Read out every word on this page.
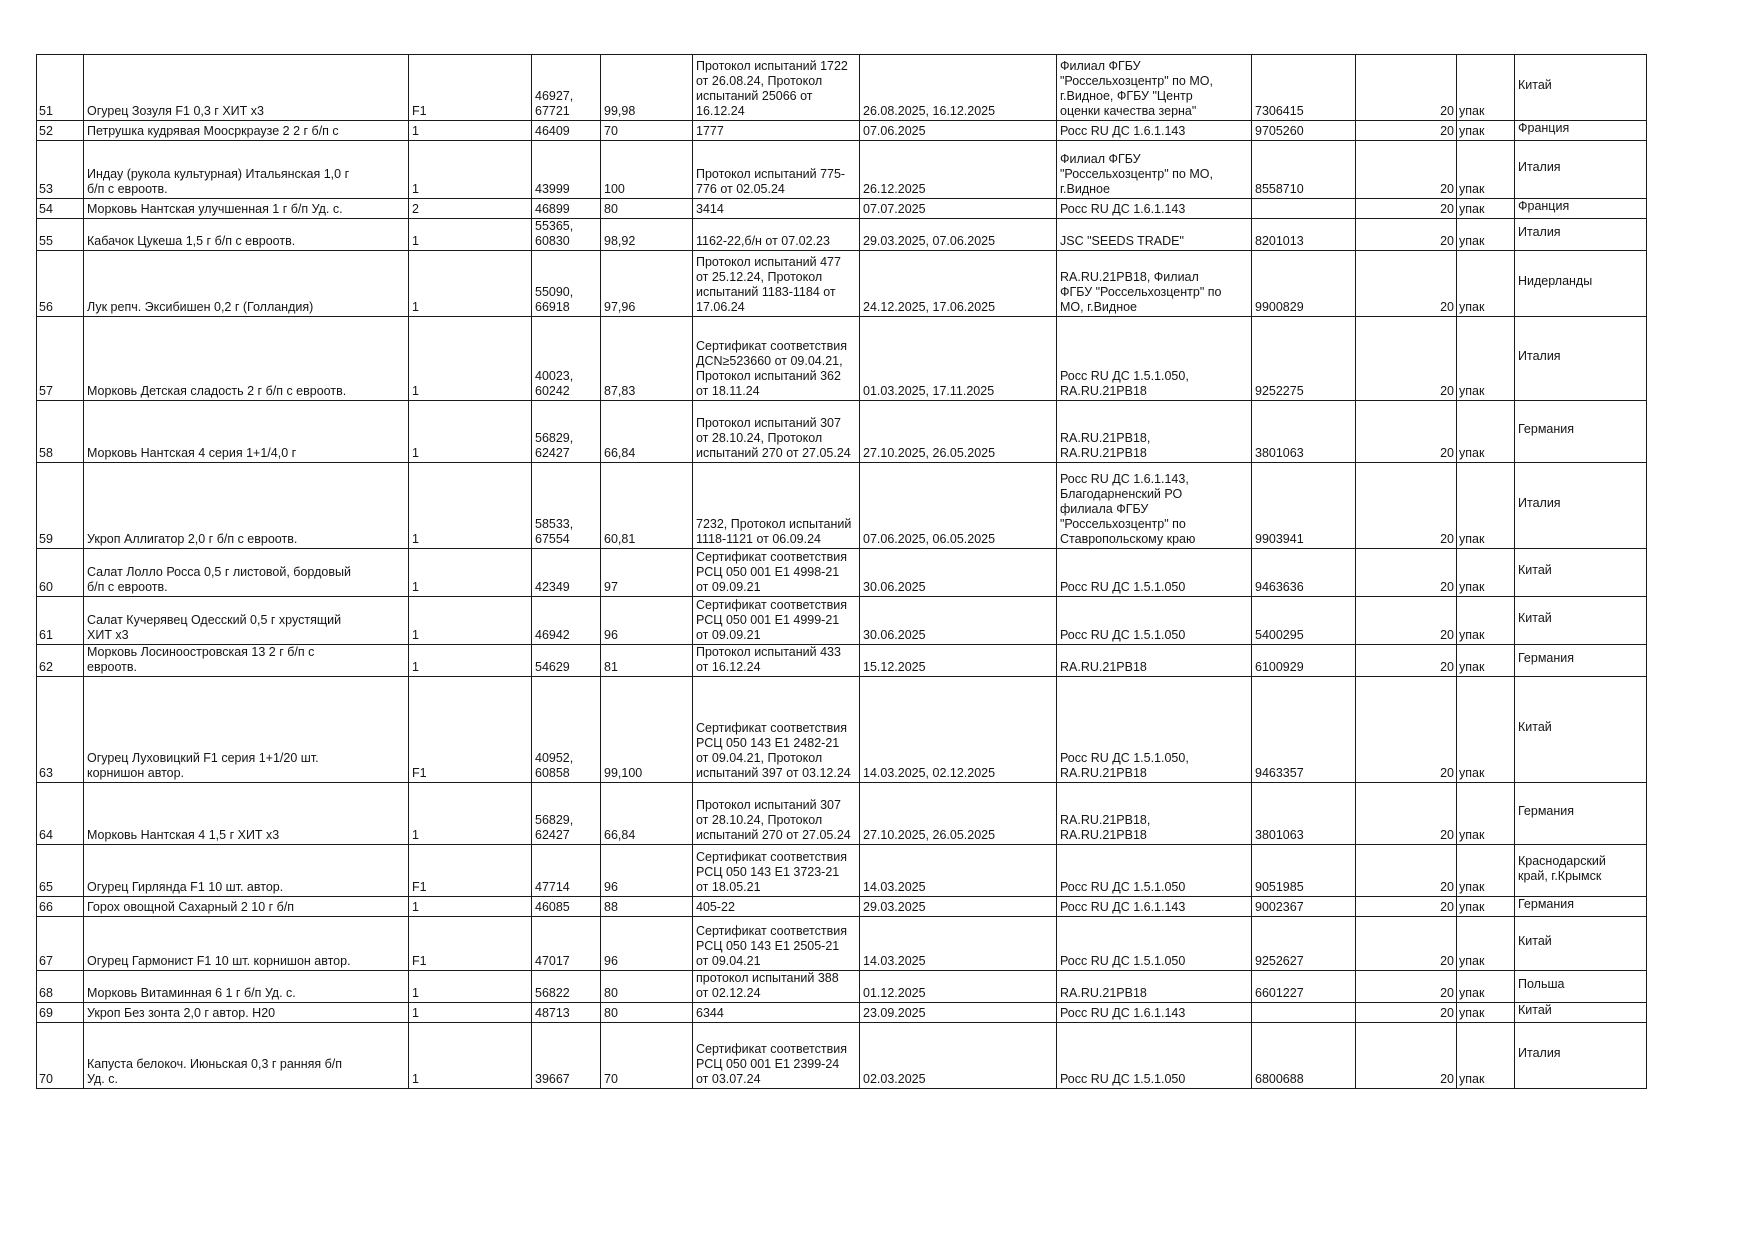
51	Огурец Зозуля F1 0,3 г ХИТ х3	F1	46927,
67721	99,98	Протокол испытаний 1722
от 26.08.24, Протокол
испытаний 25066 от
16.12.24	26.08.2025, 16.12.2025	Филиал ФГБУ
"Россельхозцентр" по МО,
г.Видное, ФГБУ "Центр
оценки качества зерна"	7306415	20	упак	Китай
52	Петрушка кудрявая Моосркраузе 2 2 г б/п с	1	46409	70	1777	07.06.2025	Росс RU ДС 1.6.1.143	9705260	20	упак	Франция
53	Индау (рукола культурная) Итальянская 1,0 г
б/п с евроотв.	1	43999	100	Протокол испытаний 775-
776 от 02.05.24	26.12.2025	Филиал ФГБУ
"Россельхозцентр" по МО,
г.Видное	8558710	20	упак	Италия
54	Морковь Нантская улучшенная 1 г б/п Уд. с.	2	46899	80	3414	07.07.2025	Росс RU ДС 1.6.1.143		20	упак	Франция
55	Кабачок Цукеша 1,5 г б/п с евроотв.	1	55365,
60830	98,92	1162-22,б/н от 07.02.23	29.03.2025, 07.06.2025	JSC "SEEDS TRADE"	8201013	20	упак	Италия
56	Лук репч. Эксибишен 0,2 г (Голландия)	1	55090,
66918	97,96	Протокол испытаний 477
от 25.12.24, Протокол
испытаний 1183-1184 от
17.06.24	24.12.2025, 17.06.2025	RA.RU.21РВ18, Филиал
ФГБУ "Россельхозцентр" по
МО, г.Видное	9900829	20	упак	Нидерланды
57	Морковь Детская сладость 2 г б/п с евроотв.	1	40023,
60242	87,83	Сертификат соответствия
ДСN≥523660 от 09.04.21,
Протокол испытаний 362
от 18.11.24	01.03.2025, 17.11.2025	Росс RU ДС 1.5.1.050,
RA.RU.21РВ18	9252275	20	упак	Италия
58	Морковь Нантская 4 серия 1+1/4,0 г	1	56829,
62427	66,84	Протокол испытаний 307
от 28.10.24, Протокол
испытаний 270 от 27.05.24	27.10.2025, 26.05.2025	RA.RU.21РВ18,
RA.RU.21РВ18	3801063	20	упак	Германия
59	Укроп Аллигатор 2,0 г б/п с евроотв.	1	58533,
67554	60,81	7232, Протокол испытаний
1118-1121 от 06.09.24	07.06.2025, 06.05.2025	Росс RU ДС 1.6.1.143,
Благодарненский РО
филиала ФГБУ
"Россельхозцентр" по
Ставропольскому краю	9903941	20	упак	Италия
60	Салат Лолло Росса 0,5 г листовой, бордовый
б/п с евроотв.	1	42349	97	Сертификат соответствия
РСЦ 050 001 Е1 4998-21
от 09.09.21	30.06.2025	Росс RU ДС 1.5.1.050	9463636	20	упак	Китай
61	Салат Кучерявец Одесский 0,5 г хрустящий
ХИТ х3	1	46942	96	Сертификат соответствия
РСЦ 050 001 Е1 4999-21
от 09.09.21	30.06.2025	Росс RU ДС 1.5.1.050	5400295	20	упак	Китай
62	Морковь Лосиноостровская 13 2 г б/п с
евроотв.	1	54629	81	Протокол испытаний 433
от 16.12.24	15.12.2025	RA.RU.21РВ18	6100929	20	упак	Германия
63	Огурец Луховицкий F1 серия 1+1/20 шт.
корнишон автор.	F1	40952,
60858	99,100	Сертификат соответствия
РСЦ 050 143 Е1 2482-21
от 09.04.21, Протокол
испытаний 397 от 03.12.24	14.03.2025, 02.12.2025	Росс RU ДС 1.5.1.050,
RA.RU.21РВ18	9463357	20	упак	Китай
64	Морковь Нантская 4 1,5 г ХИТ х3	1	56829,
62427	66,84	Протокол испытаний 307
от 28.10.24, Протокол
испытаний 270 от 27.05.24	27.10.2025, 26.05.2025	RA.RU.21РВ18,
RA.RU.21РВ18	3801063	20	упак	Германия
65	Огурец Гирлянда F1 10 шт. автор.	F1	47714	96	Сертификат соответствия
РСЦ 050 143 Е1 3723-21
от 18.05.21	14.03.2025	Росс RU ДС 1.5.1.050	9051985	20	упак	Краснодарский
край, г.Крымск
66	Горох овощной Сахарный 2 10 г б/п	1	46085	88	405-22	29.03.2025	Росс RU ДС 1.6.1.143	9002367	20	упак	Германия
67	Огурец Гармонист F1 10 шт. корнишон автор.	F1	47017	96	Сертификат соответствия
РСЦ 050 143 Е1 2505-21
от 09.04.21	14.03.2025	Росс RU ДС 1.5.1.050	9252627	20	упак	Китай
68	Морковь Витаминная 6 1 г б/п Уд. с.	1	56822	80	протокол испытаний 388
от 02.12.24	01.12.2025	RA.RU.21РВ18	6601227	20	упак	Польша
69	Укроп Без зонта 2,0 г автор. Н20	1	48713	80	6344	23.09.2025	Росс RU ДС 1.6.1.143		20	упак	Китай
70	Капуста белокоч. Июньская 0,3 г ранняя б/п
Уд. с.	1	39667	70	Сертификат соответствия
РСЦ 050 001 Е1 2399-24
от 03.07.24	02.03.2025	Росс RU ДС 1.5.1.050	6800688	20	упак	Италия
